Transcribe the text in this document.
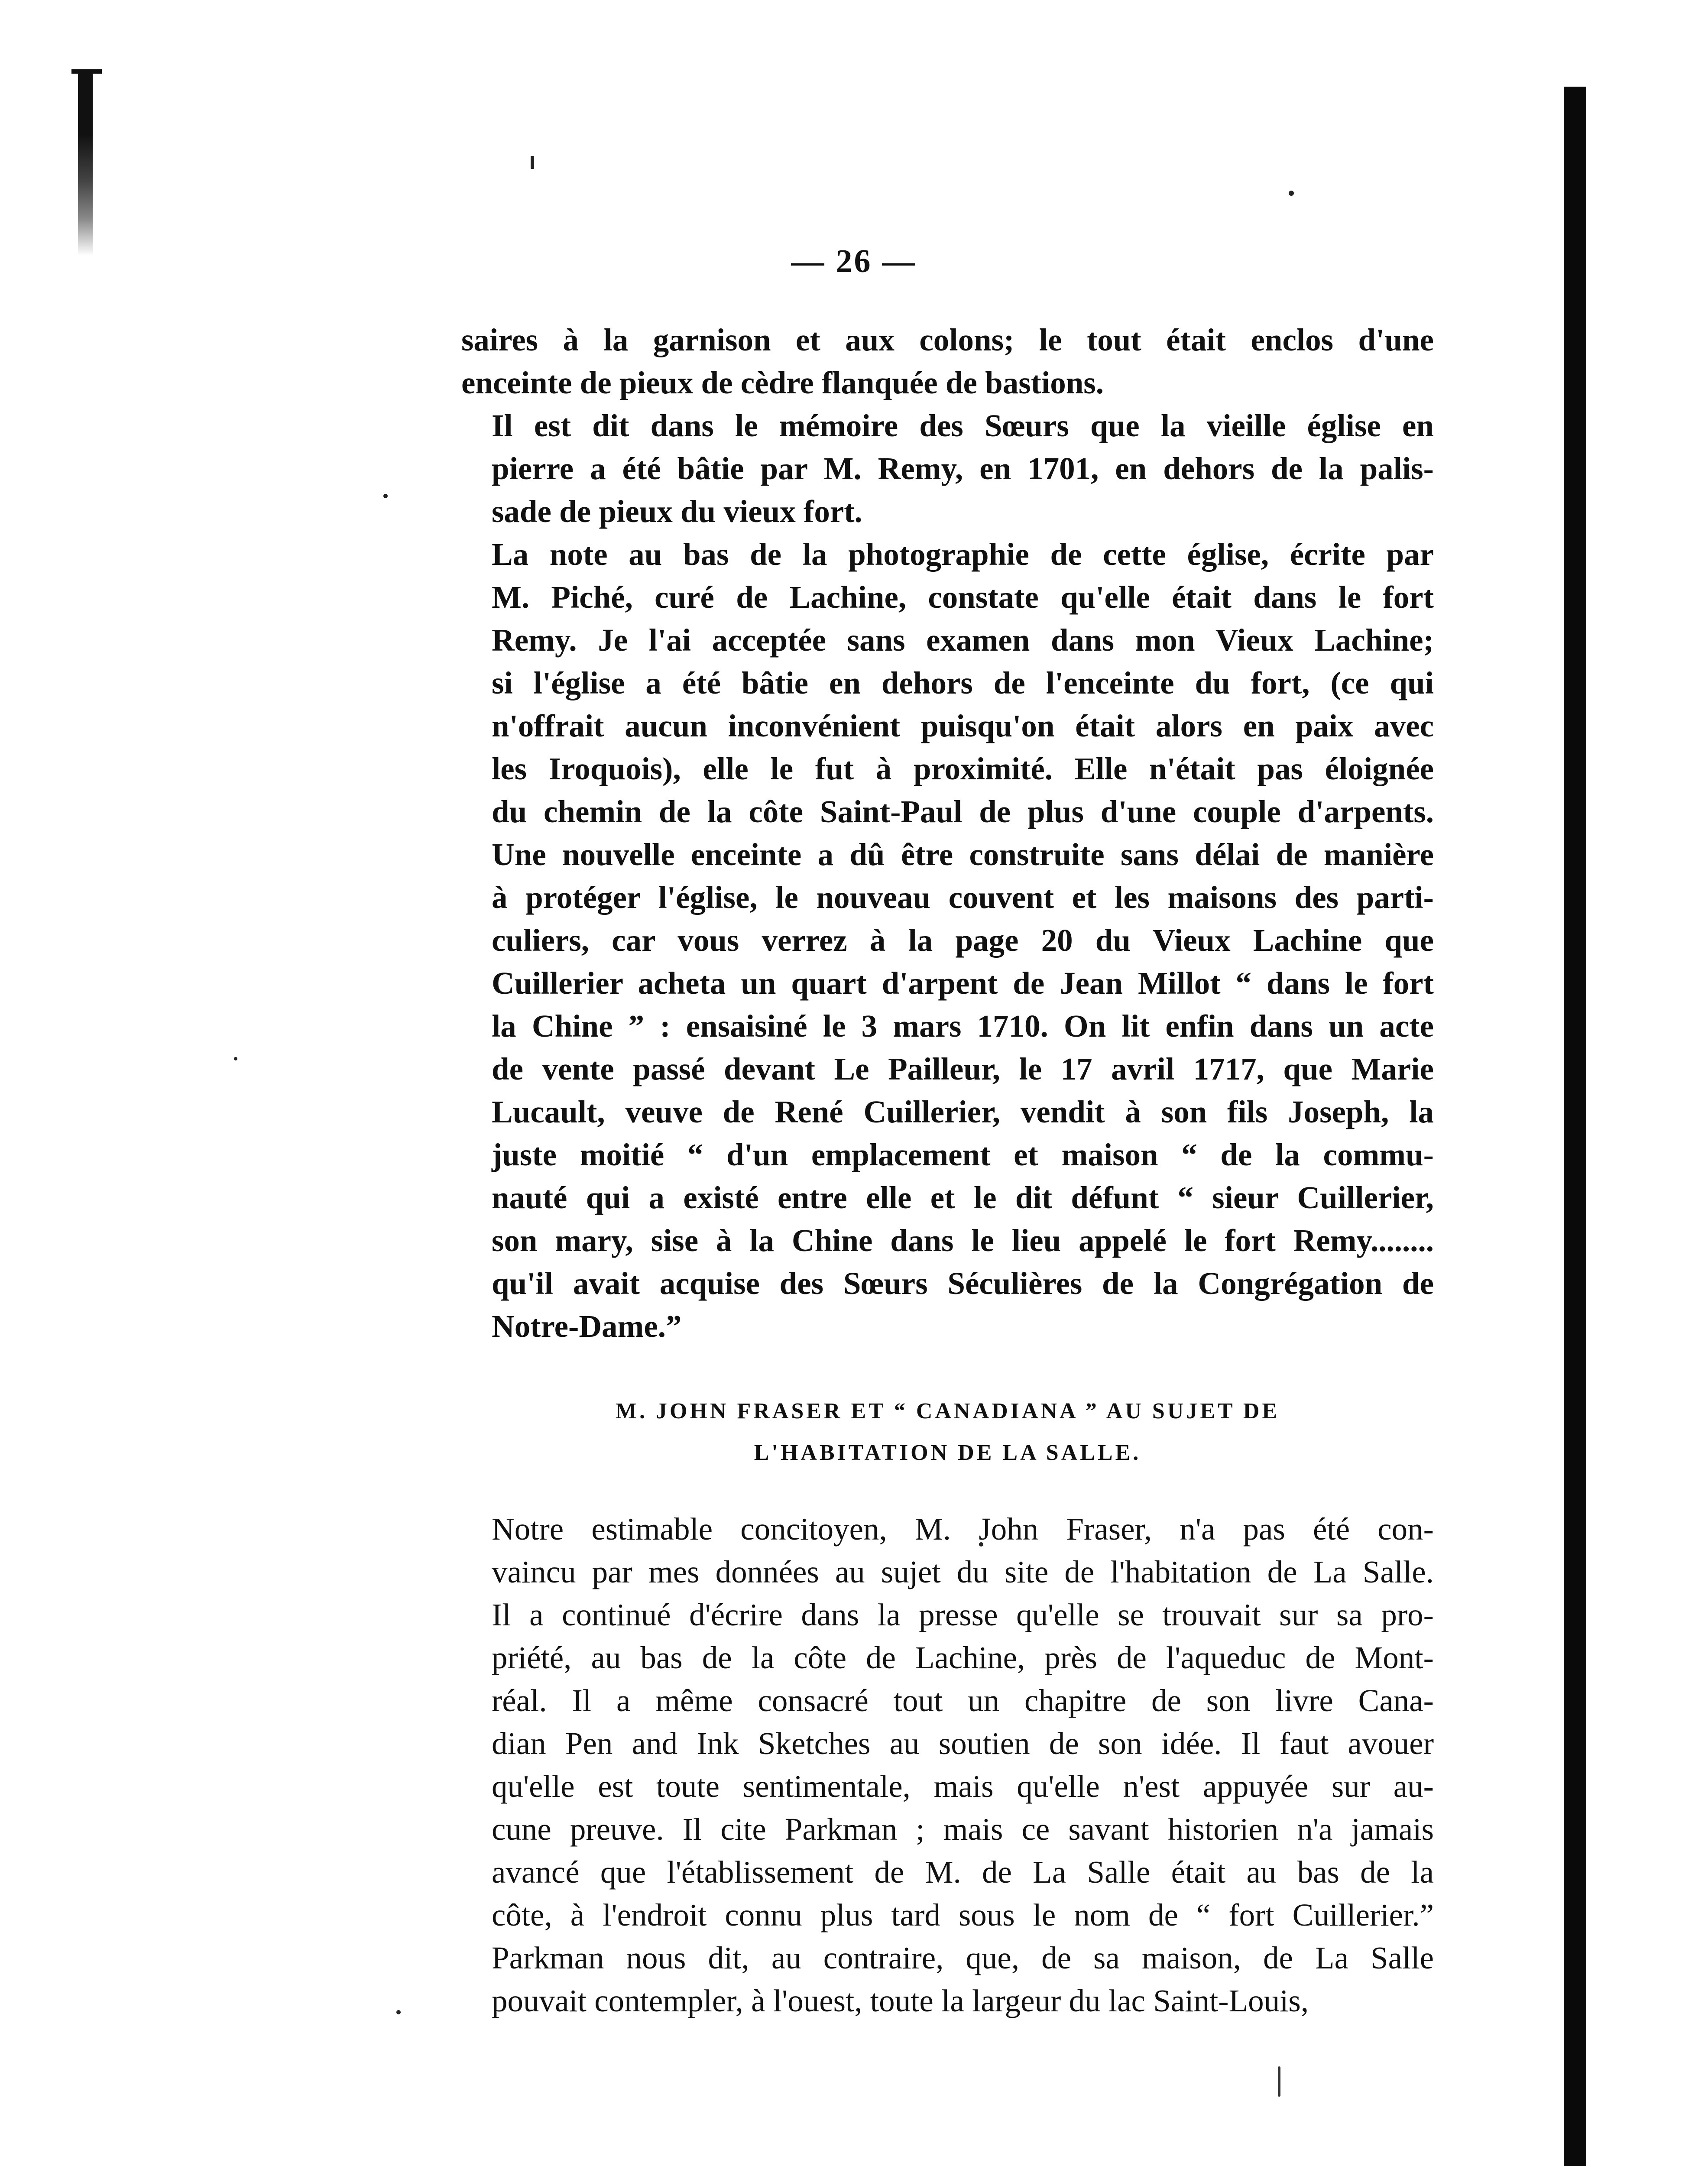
— 26 —

saires à la garnison et aux colons; le tout était enclos d'une
enceinte de pieux de cèdre flanquée de bastions.

Il est dit dans le mémoire des Sœurs que la vieille église en
pierre a été bâtie par M. Remy, en 1701, en dehors de la palis-
sade de pieux du vieux fort.

La note au bas de la photographie de cette église, écrite par
M. Piché, curé de Lachine, constate qu'elle était dans le fort
Remy. Je l'ai acceptée sans examen dans mon Vieux Lachine;
si l'église a été bâtie en dehors de l'enceinte du fort, (ce qui
n'offrait aucun inconvénient puisqu'on était alors en paix avec
les Iroquois), elle le fut à proximité. Elle n'était pas éloignée
du chemin de la côte Saint-Paul de plus d'une couple d'arpents.
Une nouvelle enceinte a dû être construite sans délai de manière
à protéger l'église, le nouveau couvent et les maisons des parti-
culiers, car vous verrez à la page 20 du Vieux Lachine que
Cuillerier acheta un quart d'arpent de Jean Millot “ dans le fort
la Chine ” : ensaisiné le 3 mars 1710. On lit enfin dans un acte
de vente passé devant Le Pailleur, le 17 avril 1717, que Marie
Lucault, veuve de René Cuillerier, vendit à son fils Joseph, la
juste moitié “ d'un emplacement et maison “ de la commu-
nauté qui a existé entre elle et le dit défunt “ sieur Cuillerier,
son mary, sise à la Chine dans le lieu appelé le fort Remy........
qu'il avait acquise des Sœurs Séculières de la Congrégation de
Notre-Dame.”

M. JOHN FRASER ET “ CANADIANA ” AU SUJET DE
L'HABITATION DE LA SALLE.

Notre estimable concitoyen, M. John Fraser, n'a pas été con-
vaincu par mes données au sujet du site de l'habitation de La Salle.
Il a continué d'écrire dans la presse qu'elle se trouvait sur sa pro-
priété, au bas de la côte de Lachine, près de l'aqueduc de Mont-
réal. Il a même consacré tout un chapitre de son livre Cana-
dian Pen and Ink Sketches au soutien de son idée. Il faut avouer
qu'elle est toute sentimentale, mais qu'elle n'est appuyée sur au-
cune preuve. Il cite Parkman ; mais ce savant historien n'a jamais
avancé que l'établissement de M. de La Salle était au bas de la
côte, à l'endroit connu plus tard sous le nom de “ fort Cuillerier.”
Parkman nous dit, au contraire, que, de sa maison, de La Salle
pouvait contempler, à l'ouest, toute la largeur du lac Saint-Louis,
